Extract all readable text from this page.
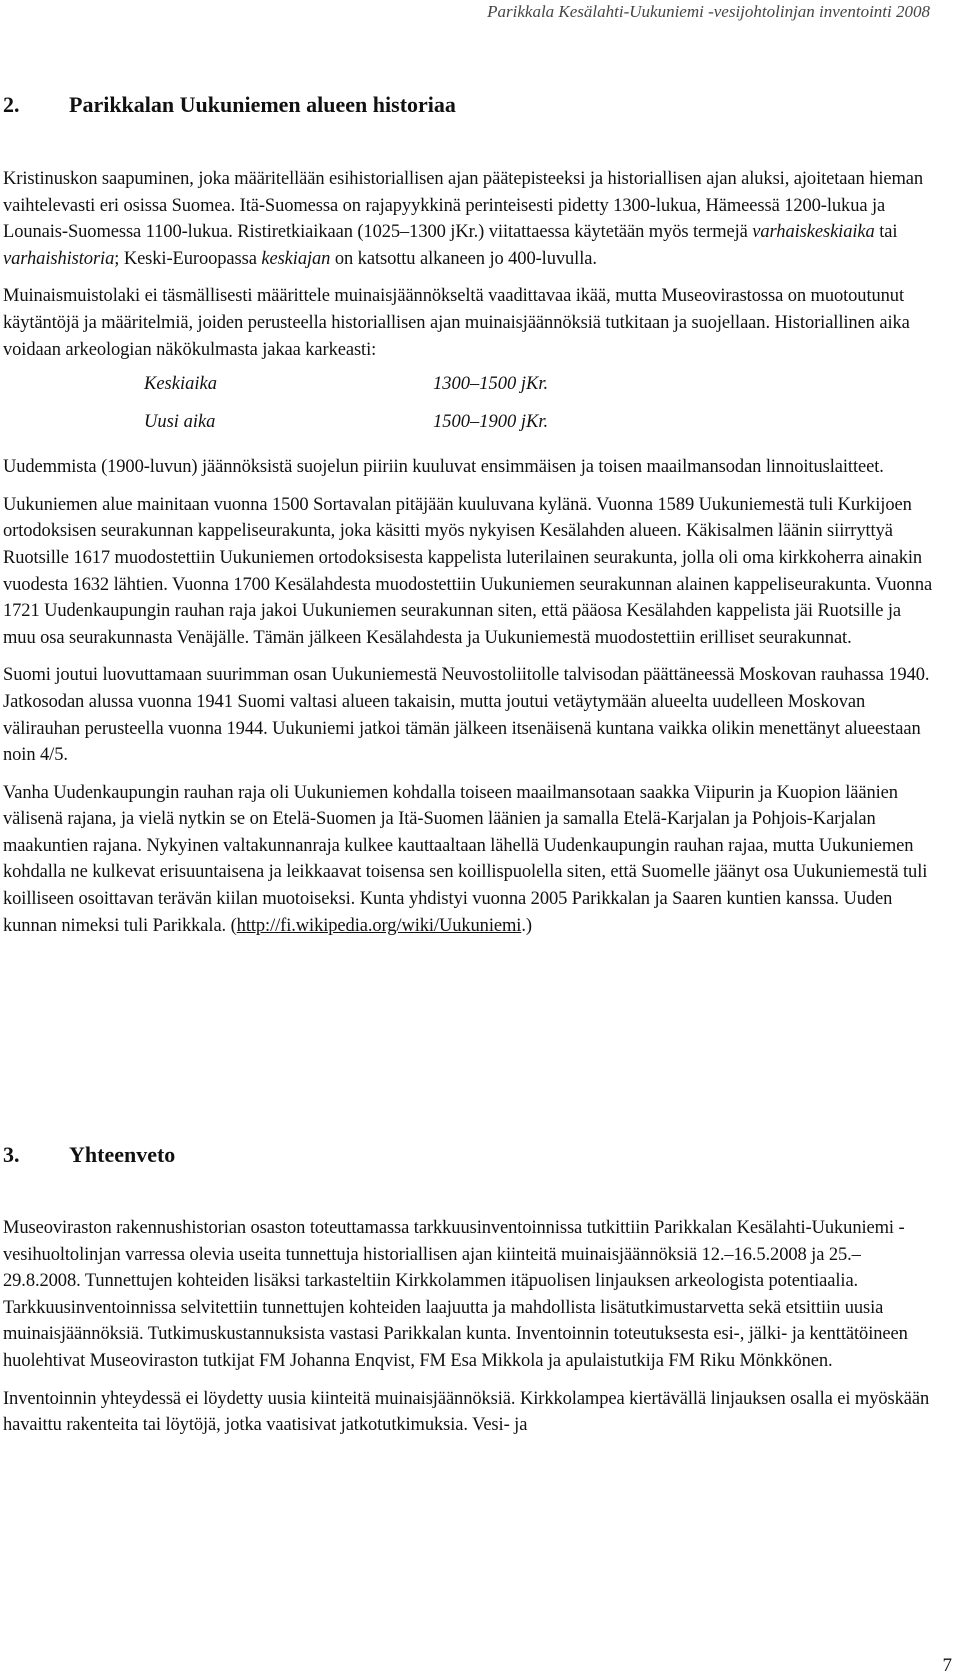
Parikkala Kesälahti-Uukuniemi -vesijohtolinjan inventointi 2008
2. Parikkalan Uukuniemen alueen historiaa

Kristinuskon saapuminen, joka määritellään esihistoriallisen ajan päätepisteeksi ja historiallisen ajan aluksi, ajoitetaan hieman vaihtelevasti eri osissa Suomea. Itä-Suomessa on rajapyykkinä perinteisesti pidetty 1300-lukua, Hämeessä 1200-lukua ja Lounais-Suomessa 1100-lukua. Ristiretkiaikaan (1025–1300 jKr.) viitattaessa käytetään myös termejä varhaiskeskiaika tai varhaishistoria; Keski-Euroopassa keskiajan on katsottu alkaneen jo 400-luvulla.

Muinaismuistolaki ei täsmällisesti määrittele muinaisjäännökseltä vaadittavaa ikää, mutta Museovirastossa on muotoutunut käytäntöjä ja määritelmiä, joiden perusteella historiallisen ajan muinaisjäännöksiä tutkitaan ja suojellaan. Historiallinen aika voidaan arkeologian näkökulmasta jakaa karkeasti:

Keskiaika	1300–1500 jKr.
Uusi aika	1500–1900 jKr.

Uudemmista (1900-luvun) jäännöksistä suojelun piiriin kuuluvat ensimmäisen ja toisen maailmansodan linnoituslaitteet.

Uukuniemen alue mainitaan vuonna 1500 Sortavalan pitäjään kuuluvana kylänä. Vuonna 1589 Uukuniemestä tuli Kurkijoen ortodoksisen seurakunnan kappeliseurakunta, joka käsitti myös nykyisen Kesälahden alueen. Käkisalmen läänin siirryttyä Ruotsille 1617 muodostettiin Uukuniemen ortodoksisesta kappelista luterilainen seurakunta, jolla oli oma kirkkoherra ainakin vuodesta 1632 lähtien. Vuonna 1700 Kesälahdesta muodostettiin Uukuniemen seurakunnan alainen kappeliseurakunta. Vuonna 1721 Uudenkaupungin rauhan raja jakoi Uukuniemen seurakunnan siten, että pääosa Kesälahden kappelista jäi Ruotsille ja muu osa seurakunnasta Venäjälle. Tämän jälkeen Kesälahdesta ja Uukuniemestä muodostettiin erilliset seurakunnat.

Suomi joutui luovuttamaan suurimman osan Uukuniemestä Neuvostoliitolle talvisodan päättäneessä Moskovan rauhassa 1940. Jatkosodan alussa vuonna 1941 Suomi valtasi alueen takaisin, mutta joutui vetäytymään alueelta uudelleen Moskovan välirauhan perusteella vuonna 1944. Uukuniemi jatkoi tämän jälkeen itsenäisenä kuntana vaikka olikin menettänyt alueestaan noin 4/5.

Vanha Uudenkaupungin rauhan raja oli Uukuniemen kohdalla toiseen maailmansotaan saakka Viipurin ja Kuopion läänien välisenä rajana, ja vielä nytkin se on Etelä-Suomen ja Itä-Suomen läänien ja samalla Etelä-Karjalan ja Pohjois-Karjalan maakuntien rajana. Nykyinen valtakunnanraja kulkee kauttaaltaan lähellä Uudenkaupungin rauhan rajaa, mutta Uukuniemen kohdalla ne kulkevat erisuuntaisena ja leikkaavat toisensa sen koillispuolella siten, että Suomelle jäänyt osa Uukuniemestä tuli koilliseen osoittavan terävän kiilan muotoiseksi. Kunta yhdistyi vuonna 2005 Parikkalan ja Saaren kuntien kanssa. Uuden kunnan nimeksi tuli Parikkala. (http://fi.wikipedia.org/wiki/Uukuniemi.)

3. Yhteenveto

Museoviraston rakennushistorian osaston toteuttamassa tarkkuusinventoinnissa tutkittiin Parikkalan Kesälahti-Uukuniemi -vesihuoltolinjan varressa olevia useita tunnettuja historiallisen ajan kiinteitä muinaisjäännöksiä 12.–16.5.2008 ja 25.–29.8.2008. Tunnettujen kohteiden lisäksi tarkasteltiin Kirkkolammen itäpuolisen linjauksen arkeologista potentiaalia. Tarkkuusinventoinnissa selvitettiin tunnettujen kohteiden laajuutta ja mahdollista lisätutkimustarvetta sekä etsittiin uusia muinaisjäännöksiä. Tutkimuskustannuksista vastasi Parikkalan kunta. Inventoinnin toteutuksesta esi-, jälki- ja kenttätöineen huolehtivat Museoviraston tutkijat FM Johanna Enqvist, FM Esa Mikkola ja apulaistutkija FM Riku Mönkkönen.

Inventoinnin yhteydessä ei löydetty uusia kiinteitä muinaisjäännöksiä. Kirkkolampea kiertävällä linjauksen osalla ei myöskään havaittu rakenteita tai löytöjä, jotka vaatisivat jatkotutkimuksia. Vesi- ja

7
